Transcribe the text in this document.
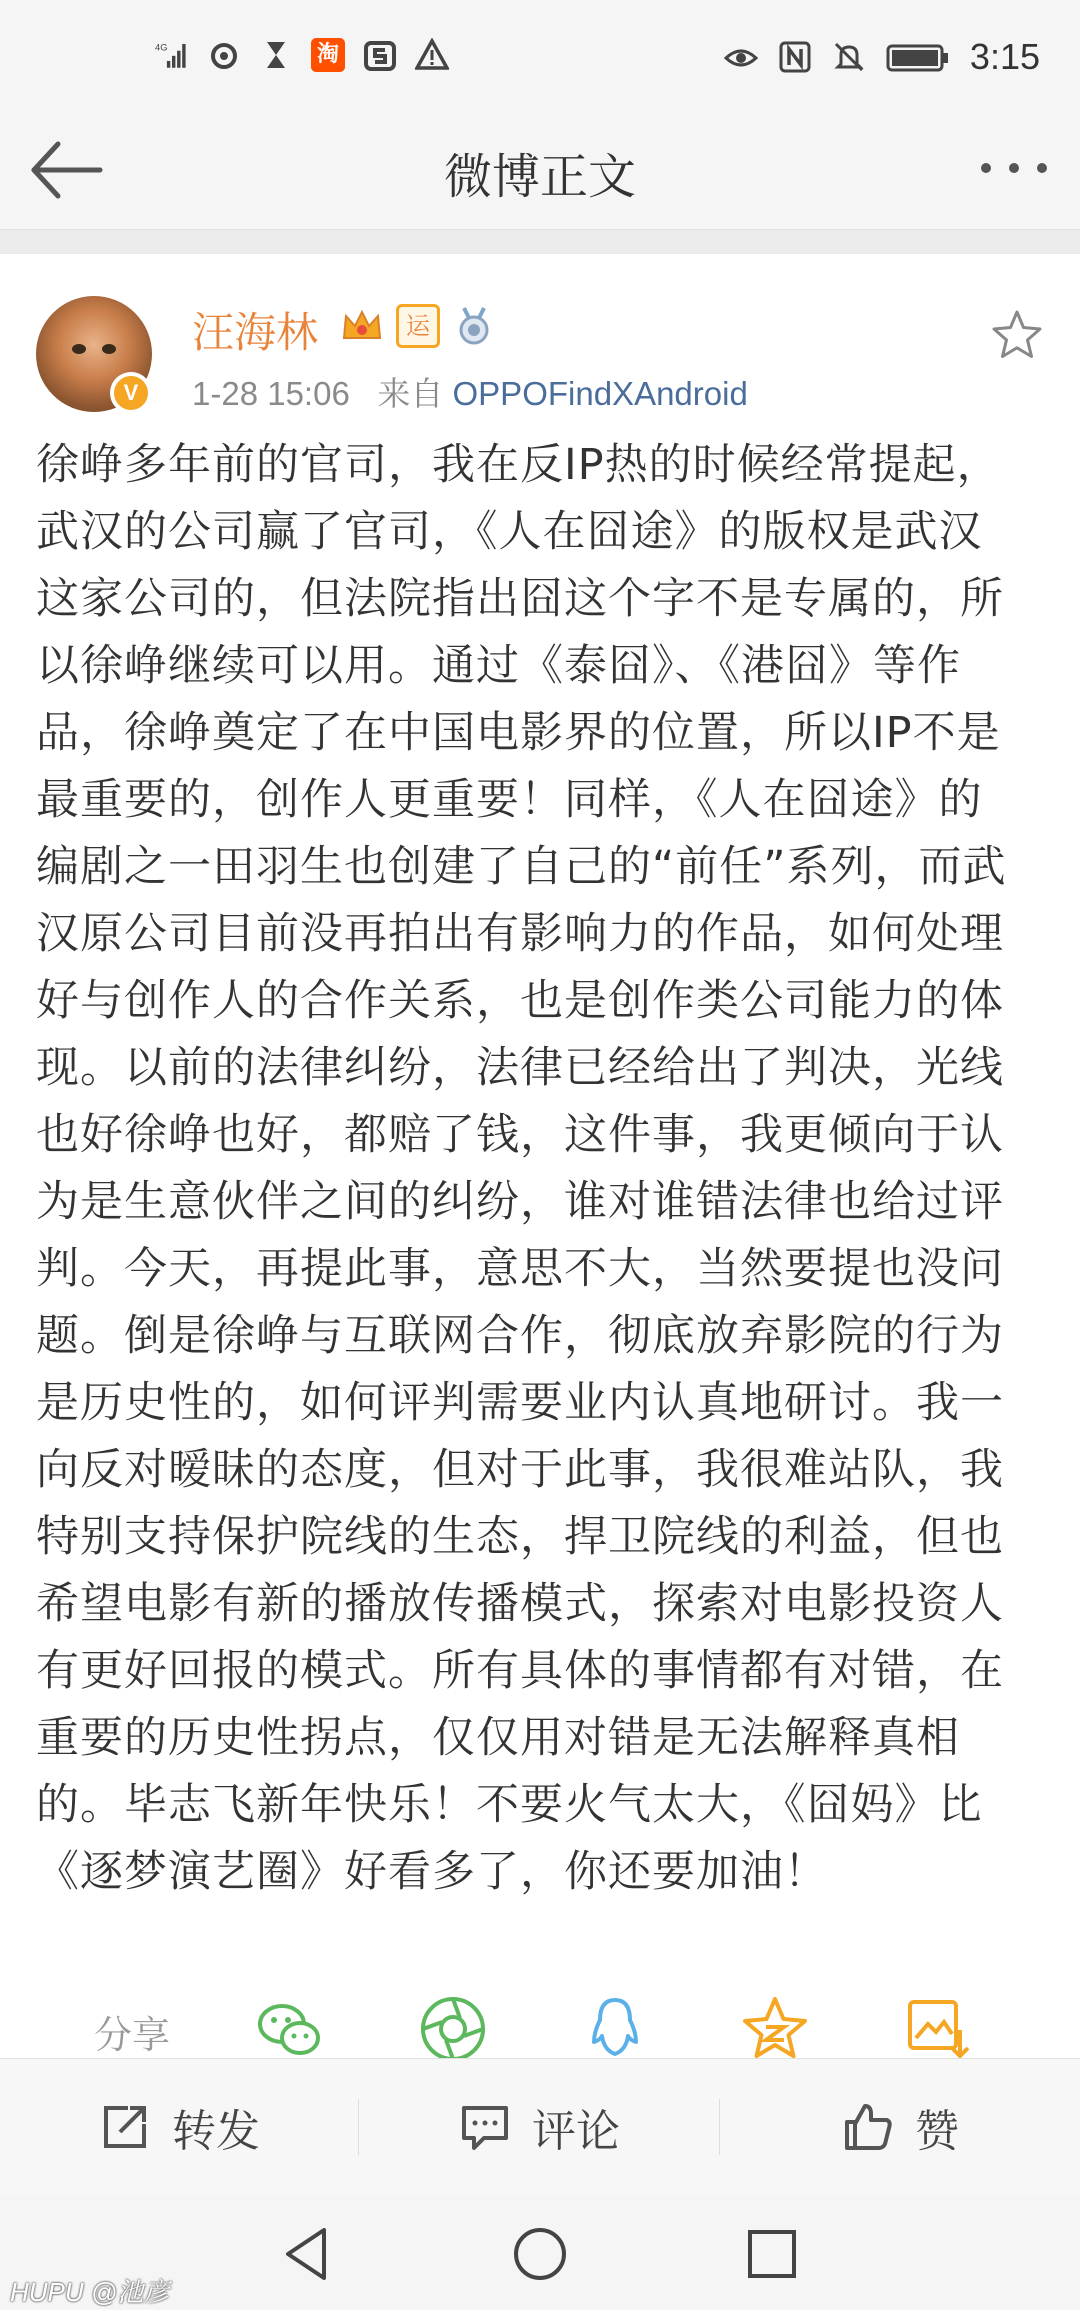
4G	淘	3:15
微博正文
V
汪海林	运
1-28 15:06 来自 OPPOFindXAndroid
徐峥多年前的官司，我在反IP热的时候经常提起，
武汉的公司赢了官司，《人在囧途》的版权是武汉
这家公司的，但法院指出囧这个字不是专属的，所
以徐峥继续可以用。通过《泰囧》、《港囧》等作
品，徐峥奠定了在中国电影界的位置，所以IP不是
最重要的，创作人更重要！同样，《人在囧途》的
编剧之一田羽生也创建了自己的“前任”系列，而武
汉原公司目前没再拍出有影响力的作品，如何处理
好与创作人的合作关系，也是创作类公司能力的体
现。以前的法律纠纷，法律已经给出了判决，光线
也好徐峥也好，都赔了钱，这件事，我更倾向于认
为是生意伙伴之间的纠纷，谁对谁错法律也给过评
判。今天，再提此事，意思不大，当然要提也没问
题。倒是徐峥与互联网合作，彻底放弃影院的行为
是历史性的，如何评判需要业内认真地研讨。我一
向反对暧昧的态度，但对于此事，我很难站队，我
特别支持保护院线的生态，捍卫院线的利益，但也
希望电影有新的播放传播模式，探索对电影投资人
有更好回报的模式。所有具体的事情都有对错，在
重要的历史性拐点，仅仅用对错是无法解释真相
的。毕志飞新年快乐！不要火气太大，《囧妈》比
《逐梦演艺圈》好看多了，你还要加油！
分享
转发	评论	赞
HUPU @池彦
